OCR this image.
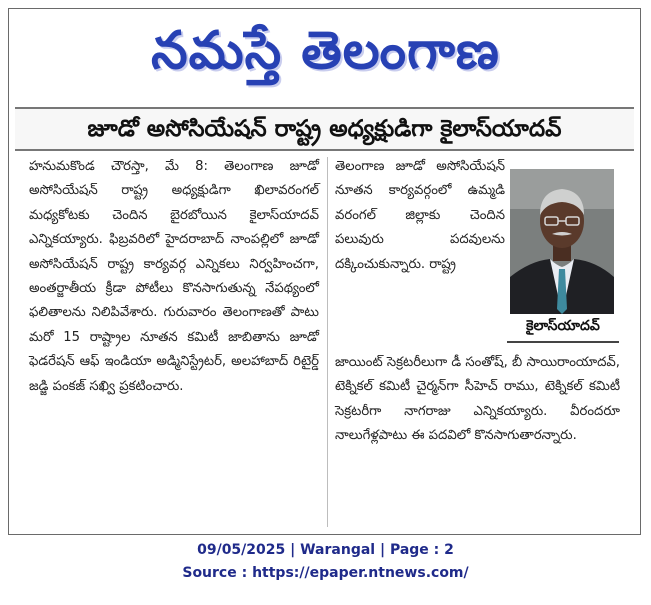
నమస్తే తెలంగాణ
జూడో అసోసియేషన్ రాష్ట్ర అధ్యక్షుడిగా కైలాస్‌యాదవ్

హనుమకొండ చౌరస్తా, మే 8: తెలంగాణ జూడో అసోసియేషన్ రాష్ట్ర అధ్యక్షుడిగా ఖిలావరంగల్ మధ్యకోటకు చెందిన బైరబోయిన కైలాస్‌యాదవ్ ఎన్నికయ్యారు. ఫిబ్రవరిలో హైదరాబాద్ నాంపల్లిలో జూడో అసోసియేషన్ రాష్ట్ర కార్యవర్గ ఎన్నికలు నిర్వహించగా, అంతర్జాతీయ క్రీడా పోటీలు కొనసాగుతున్న నేపథ్యంలో ఫలితాలను నిలిపివేశారు. గురువారం తెలంగాణతో పాటు మరో 15 రాష్ట్రాల నూతన కమిటీ జాబితాను జూడో ఫెడరేషన్ ఆఫ్ ఇండియా అడ్మినిస్ట్రేటర్, అలహాబాద్ రిటైర్డ్ జడ్జి పంకజ్ సఖ్వి ప్రకటించారు.

తెలంగాణ జూడో అసోసియేషన్ నూతన కార్యవర్గంలో ఉమ్మడి వరంగల్ జిల్లాకు చెందిన పలువురు పదవులను దక్కించుకున్నారు. రాష్ట్ర

కైలాస్‌యాదవ్

జాయింట్ సెక్రటరీలుగా డీ సంతోష్, బీ సాయిరాంయాదవ్, టెక్నికల్ కమిటీ చైర్మన్‌గా సీహెచ్ రాము, టెక్నికల్ కమిటీ సెక్రటరీగా నాగరాజు ఎన్నికయ్యారు. వీరందరూ నాలుగేళ్లపాటు ఈ పదవిలో కొనసాగుతారన్నారు.

09/05/2025 | Warangal | Page : 2
Source : https://epaper.ntnews.com/
